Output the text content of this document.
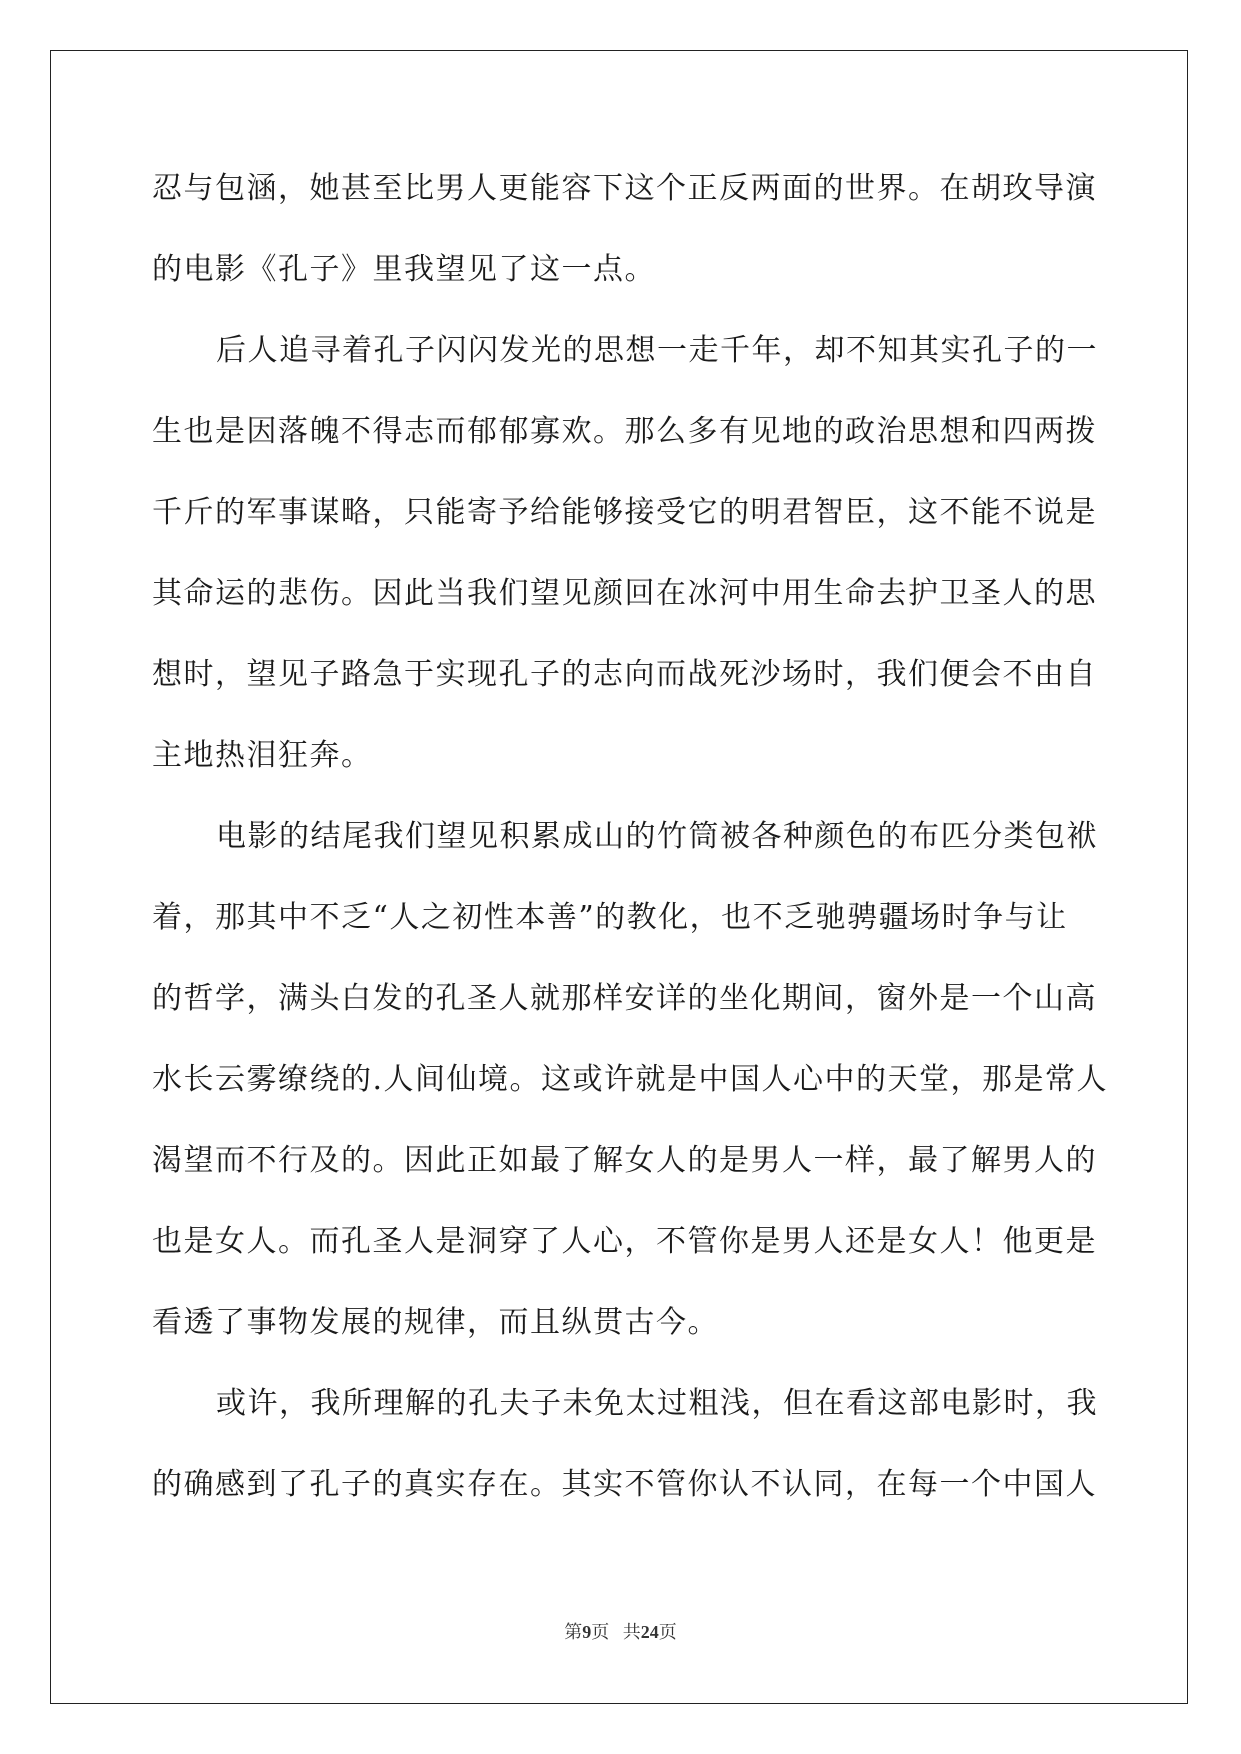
忍与包涵，她甚至比男人更能容下这个正反两面的世界。在胡玫导演
的电影《孔子》里我望见了这一点。
后人追寻着孔子闪闪发光的思想一走千年，却不知其实孔子的一
生也是因落魄不得志而郁郁寡欢。那么多有见地的政治思想和四两拨
千斤的军事谋略，只能寄予给能够接受它的明君智臣，这不能不说是
其命运的悲伤。因此当我们望见颜回在冰河中用生命去护卫圣人的思
想时，望见子路急于实现孔子的志向而战死沙场时，我们便会不由自
主地热泪狂奔。
电影的结尾我们望见积累成山的竹筒被各种颜色的布匹分类包袱
着，那其中不乏“人之初性本善”的教化，也不乏驰骋疆场时争与让
的哲学，满头白发的孔圣人就那样安详的坐化期间，窗外是一个山高
水长云雾缭绕的.人间仙境。这或许就是中国人心中的天堂，那是常人
渴望而不行及的。因此正如最了解女人的是男人一样，最了解男人的
也是女人。而孔圣人是洞穿了人心，不管你是男人还是女人！他更是
看透了事物发展的规律，而且纵贯古今。
或许，我所理解的孔夫子未免太过粗浅，但在看这部电影时，我
的确感到了孔子的真实存在。其实不管你认不认同，在每一个中国人
第9页 共24页
